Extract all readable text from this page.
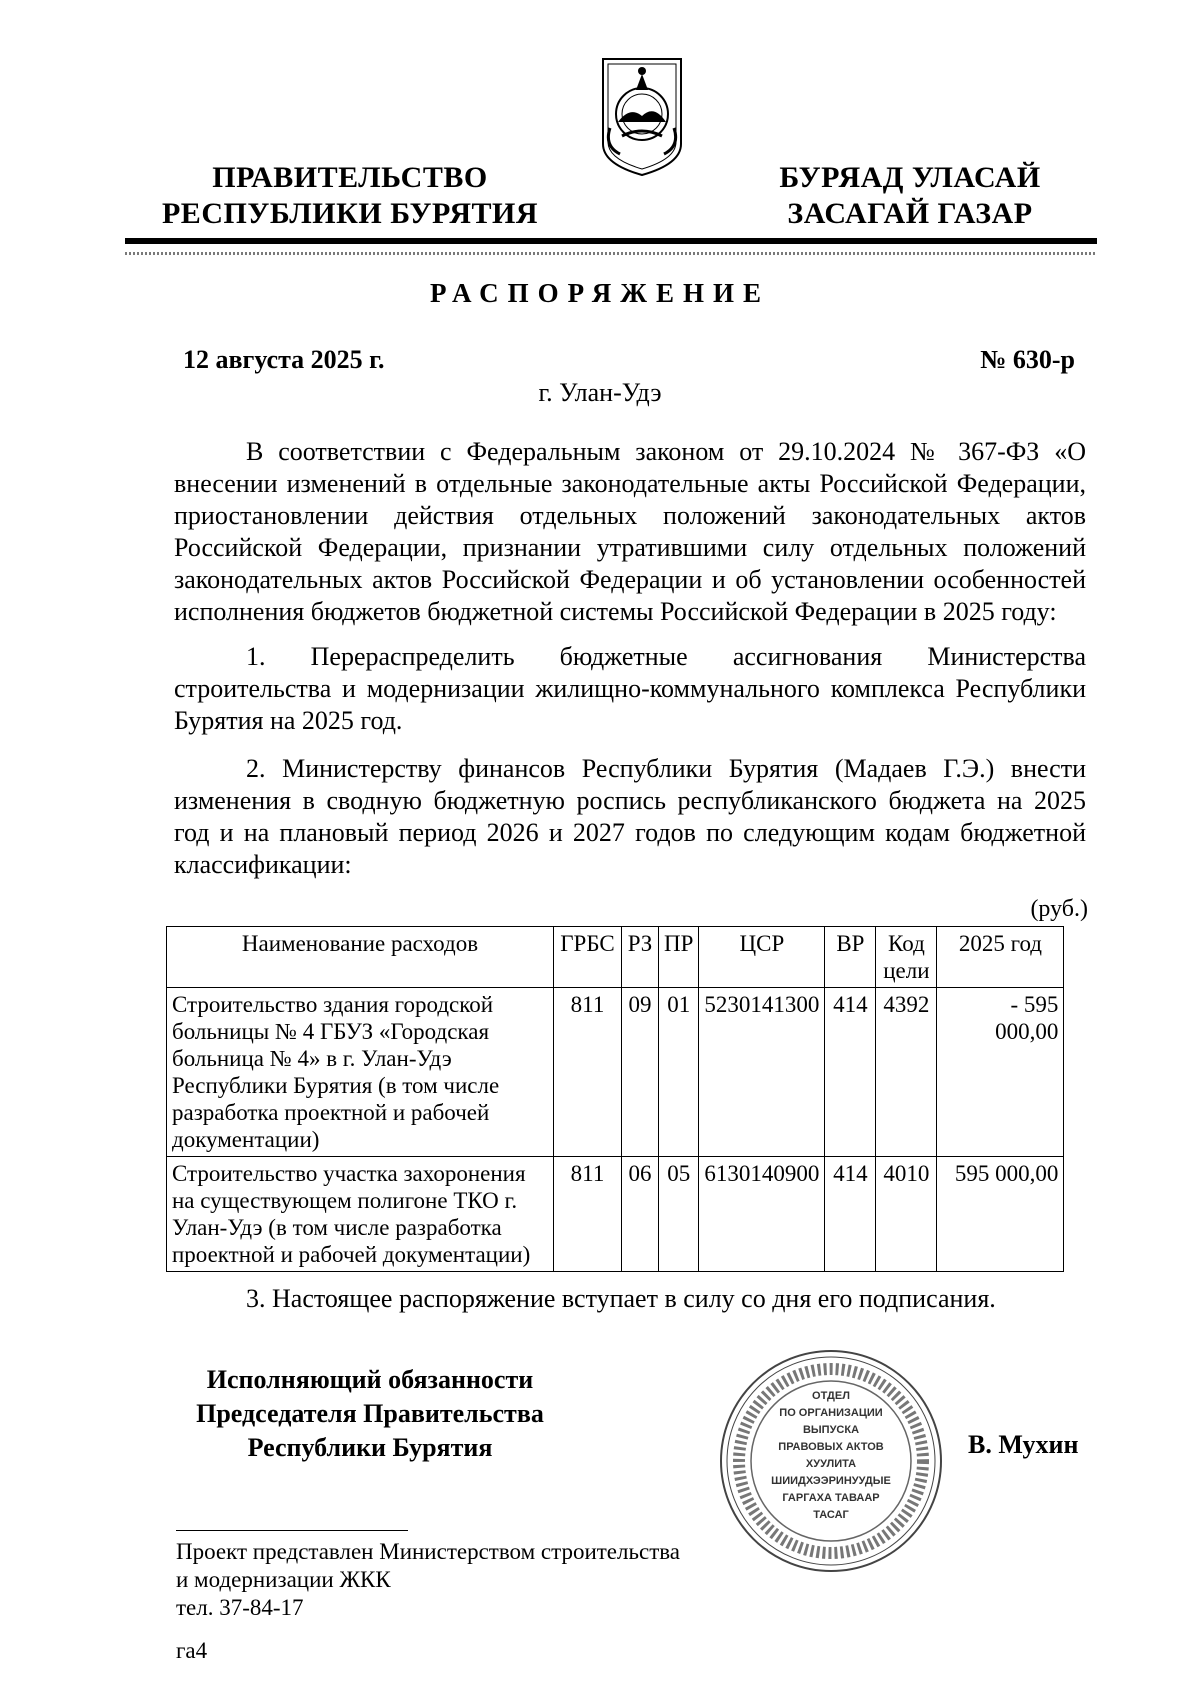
ПРАВИТЕЛЬСТВО
РЕСПУБЛИКИ БУРЯТИЯ
БУРЯАД УЛАСАЙ
ЗАСАГАЙ ГАЗАР
РАСПОРЯЖЕНИЕ
12 августа 2025 г.	№ 630-р
г. Улан-Удэ

В соответствии с Федеральным законом от 29.10.2024 № 367-ФЗ «О внесении изменений в отдельные законодательные акты Российской Федерации, приостановлении действия отдельных положений законодательных актов Российской Федерации, признании утратившими силу отдельных положений законодательных актов Российской Федерации и об установлении особенностей исполнения бюджетов бюджетной системы Российской Федерации в 2025 году:

1. Перераспределить бюджетные ассигнования Министерства строительства и модернизации жилищно-коммунального комплекса Республики Бурятия на 2025 год.

2. Министерству финансов Республики Бурятия (Мадаев Г.Э.) внести изменения в сводную бюджетную роспись республиканского бюджета на 2025 год и на плановый период 2026 и 2027 годов по следующим кодам бюджетной классификации:

(руб.)
Наименование расходов	ГРБС	РЗ	ПР	ЦСР	ВР	Код цели	2025 год
Строительство здания городской больницы № 4 ГБУЗ «Городская больница № 4» в г. Улан-Удэ Республики Бурятия (в том числе разработка проектной и рабочей документации)	811	09	01	5230141300	414	4392	- 595 000,00
Строительство участка захоронения на существующем полигоне ТКО г. Улан-Удэ (в том числе разработка проектной и рабочей документации)	811	06	05	6130140900	414	4010	595 000,00
3. Настоящее распоряжение вступает в силу со дня его подписания.
Исполняющий обязанности
Председателя Правительства
Республики Бурятия
ОТДЕЛ
ПО ОРГАНИЗАЦИИ
ВЫПУСКА
ПРАВОВЫХ АКТОВ
ХУУЛИТА
ШИИДХЭЭРИНУУДЫЕ
ГАРГАХА ТАВААР
ТАСАГ
В. Мухин
Проект представлен Министерством строительства
и модернизации ЖКК
тел. 37-84-17
га4
